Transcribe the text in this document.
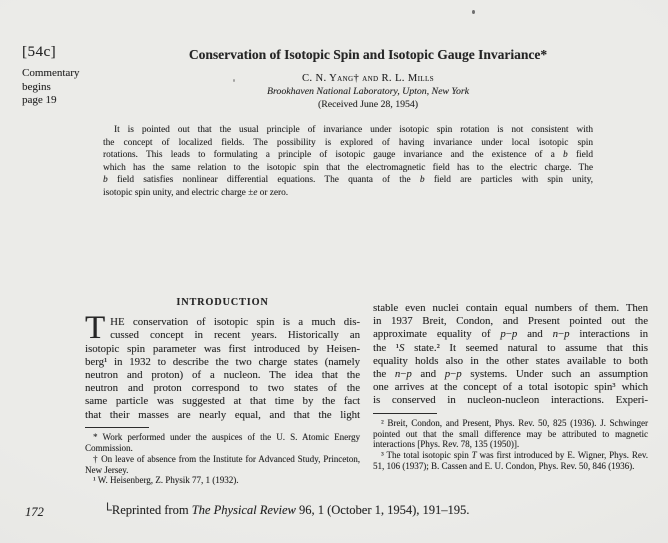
[54c]
Commentary
begins
page 19
Conservation of Isotopic Spin and Isotopic Gauge Invariance*
C. N. Yang† and R. L. Mills
Brookhaven National Laboratory, Upton, New York
(Received June 28, 1954)
It is pointed out that the usual principle of invariance under isotopic spin rotation is not consistent with
the concept of localized fields. The possibility is explored of having invariance under local isotopic spin
rotations. This leads to formulating a principle of isotopic gauge invariance and the existence of a b field
which has the same relation to the isotopic spin that the electromagnetic field has to the electric charge. The
b field satisfies nonlinear differential equations. The quanta of the b field are particles with spin unity,
isotopic spin unity, and electric charge ±e or zero.
INTRODUCTION
T HE conservation of isotopic spin is a much dis-
cussed concept in recent years. Historically an
isotopic spin parameter was first introduced by Heisen-
berg¹ in 1932 to describe the two charge states (namely
neutron and proton) of a nucleon. The idea that the
neutron and proton correspond to two states of the
same particle was suggested at that time by the fact
that their masses are nearly equal, and that the light
* Work performed under the auspices of the U. S. Atomic Energy Commission.
† On leave of absence from the Institute for Advanced Study, Princeton, New Jersey.
¹ W. Heisenberg, Z. Physik 77, 1 (1932).
stable even nuclei contain equal numbers of them. Then
in 1937 Breit, Condon, and Present pointed out the
approximate equality of p−p and n−p interactions in
the ¹S state.² It seemed natural to assume that this
equality holds also in the other states available to both
the n−p and p−p systems. Under such an assumption
one arrives at the concept of a total isotopic spin³ which
is conserved in nucleon-nucleon interactions. Experi-
² Breit, Condon, and Present, Phys. Rev. 50, 825 (1936). J. Schwinger pointed out that the small difference may be attributed to magnetic interactions [Phys. Rev. 78, 135 (1950)].
³ The total isotopic spin T was first introduced by E. Wigner, Phys. Rev. 51, 106 (1937); B. Cassen and E. U. Condon, Phys. Rev. 50, 846 (1936).
172	└Reprinted from The Physical Review 96, 1 (October 1, 1954), 191–195.
